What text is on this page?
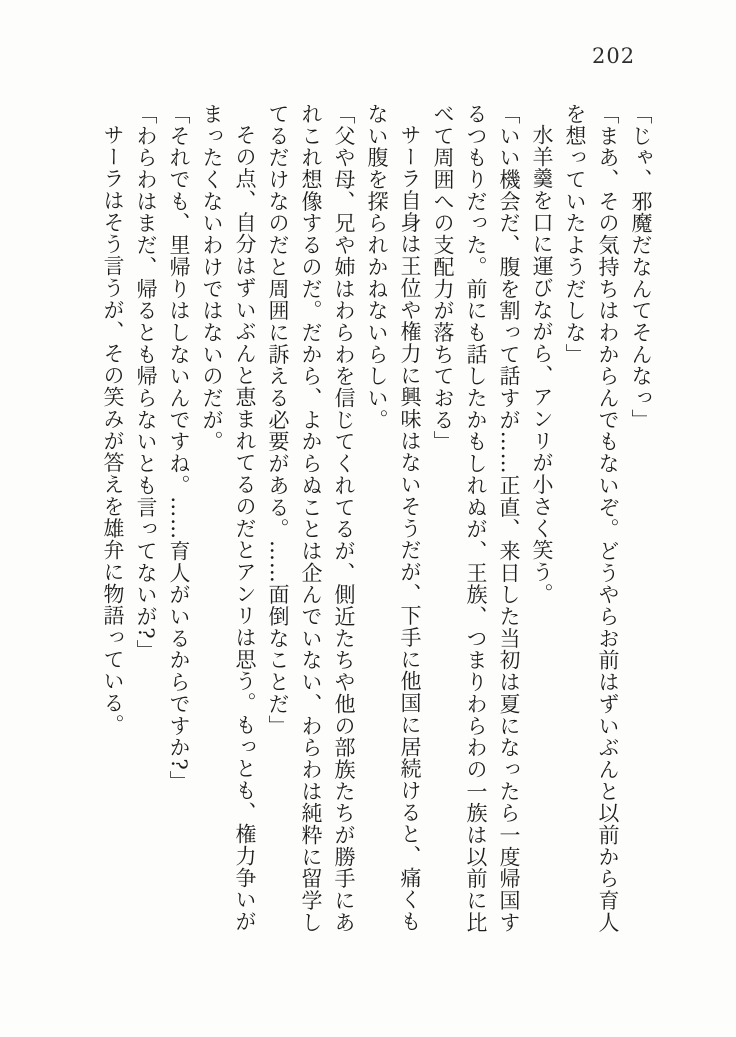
202

「じゃ、邪魔だなんてそんなっ」

「まあ、その気持ちはわからんでもないぞ。どうやらお前はずいぶんと以前から育人を想っていたようだしな」

水羊羹を口に運びながら、アンリが小さく笑う。

「いい機会だ、腹を割って話すが……正直、来日した当初は夏になったら一度帰国するつもりだった。前にも話したかもしれぬが、王族、つまりわらわの一族は以前に比べて周囲への支配力が落ちておる」

サーラ自身は王位や権力に興味はないそうだが、下手に他国に居続けると、痛くもない腹を探られかねないらしい。

「父や母、兄や姉はわらわを信じてくれてるが、側近たちや他の部族たちが勝手にあれこれ想像するのだ。だから、よからぬことは企んでいない、わらわは純粋に留学してるだけなのだと周囲に訴える必要がある。……面倒なことだ」

その点、自分はずいぶんと恵まれてるのだとアンリは思う。もっとも、権力争いがまったくないわけではないのだが。

「それでも、里帰りはしないんですね。……育人がいるからですか?」

「わらわはまだ、帰るとも帰らないとも言ってないが?」

サーラはそう言うが、その笑みが答えを雄弁に物語っている。
